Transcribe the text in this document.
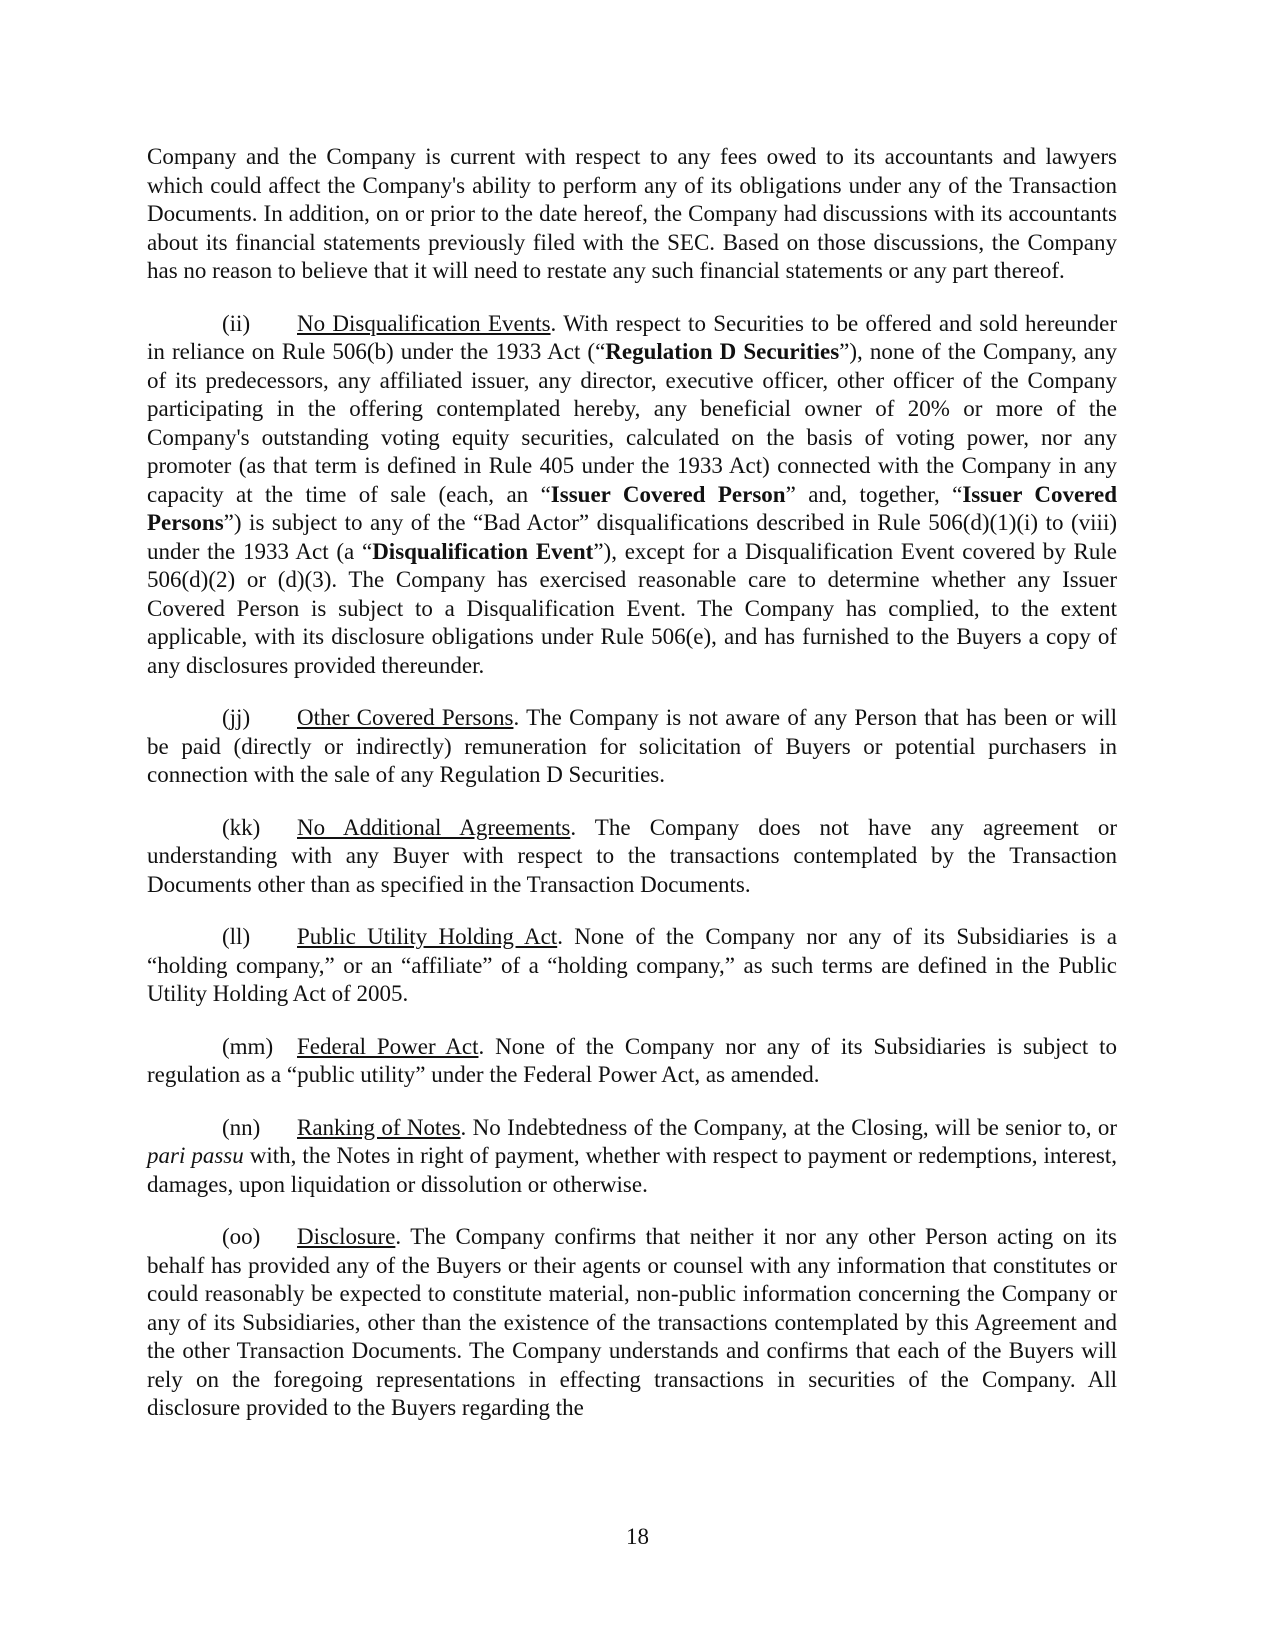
Company and the Company is current with respect to any fees owed to its accountants and lawyers which could affect the Company's ability to perform any of its obligations under any of the Transaction Documents. In addition, on or prior to the date hereof, the Company had discussions with its accountants about its financial statements previously filed with the SEC. Based on those discussions, the Company has no reason to believe that it will need to restate any such financial statements or any part thereof.

(ii) No Disqualification Events. With respect to Securities to be offered and sold hereunder in reliance on Rule 506(b) under the 1933 Act (“Regulation D Securities”), none of the Company, any of its predecessors, any affiliated issuer, any director, executive officer, other officer of the Company participating in the offering contemplated hereby, any beneficial owner of 20% or more of the Company's outstanding voting equity securities, calculated on the basis of voting power, nor any promoter (as that term is defined in Rule 405 under the 1933 Act) connected with the Company in any capacity at the time of sale (each, an “Issuer Covered Person” and, together, “Issuer Covered Persons”) is subject to any of the “Bad Actor” disqualifications described in Rule 506(d)(1)(i) to (viii) under the 1933 Act (a “Disqualification Event”), except for a Disqualification Event covered by Rule 506(d)(2) or (d)(3). The Company has exercised reasonable care to determine whether any Issuer Covered Person is subject to a Disqualification Event. The Company has complied, to the extent applicable, with its disclosure obligations under Rule 506(e), and has furnished to the Buyers a copy of any disclosures provided thereunder.

(jj) Other Covered Persons. The Company is not aware of any Person that has been or will be paid (directly or indirectly) remuneration for solicitation of Buyers or potential purchasers in connection with the sale of any Regulation D Securities.

(kk) No Additional Agreements. The Company does not have any agreement or understanding with any Buyer with respect to the transactions contemplated by the Transaction Documents other than as specified in the Transaction Documents.

(ll) Public Utility Holding Act. None of the Company nor any of its Subsidiaries is a “holding company,” or an “affiliate” of a “holding company,” as such terms are defined in the Public Utility Holding Act of 2005.

(mm) Federal Power Act. None of the Company nor any of its Subsidiaries is subject to regulation as a “public utility” under the Federal Power Act, as amended.

(nn) Ranking of Notes. No Indebtedness of the Company, at the Closing, will be senior to, or pari passu with, the Notes in right of payment, whether with respect to payment or redemptions, interest, damages, upon liquidation or dissolution or otherwise.

(oo) Disclosure. The Company confirms that neither it nor any other Person acting on its behalf has provided any of the Buyers or their agents or counsel with any information that constitutes or could reasonably be expected to constitute material, non-public information concerning the Company or any of its Subsidiaries, other than the existence of the transactions contemplated by this Agreement and the other Transaction Documents. The Company understands and confirms that each of the Buyers will rely on the foregoing representations in effecting transactions in securities of the Company. All disclosure provided to the Buyers regarding the

18
